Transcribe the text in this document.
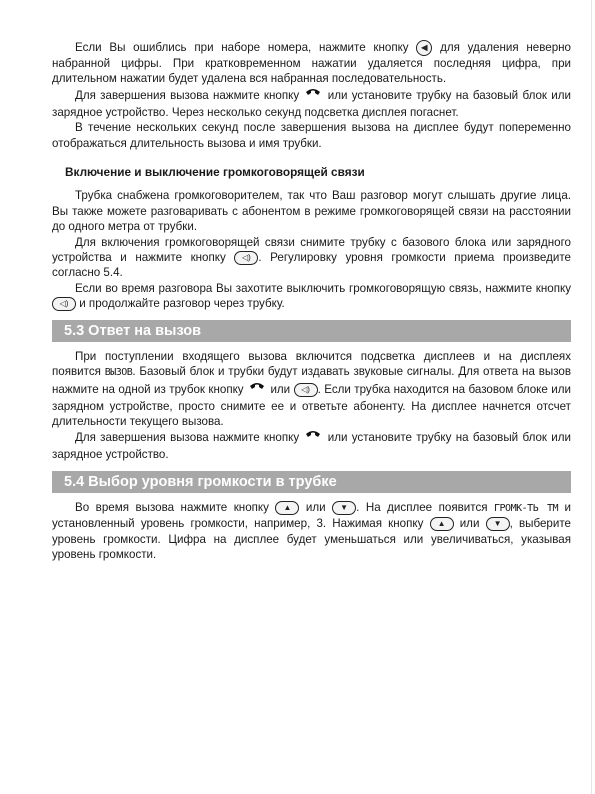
Если Вы ошиблись при наборе номера, нажмите кнопку ◀ для удаления неверно набранной цифры. При кратковременном нажатии удаляется последняя цифра, при длительном нажатии будет удалена вся набранная последовательность.

Для завершения вызова нажмите кнопку или установите трубку на базовый блок или зарядное устройство. Через несколько секунд подсветка дисплея погаснет.

В течение нескольких секунд после завершения вызова на дисплее будут попеременно отображаться длительность вызова и имя трубки.

Включение и выключение громкоговорящей связи

Трубка снабжена громкоговорителем, так что Ваш разговор могут слышать другие лица. Вы также можете разговаривать с абонентом в режиме громкоговорящей связи на расстоянии до одного метра от трубки.

Для включения громкоговорящей связи снимите трубку с базового блока или зарядного устройства и нажмите кнопку ◁) . Регулировку уровня громкости приема произведите согласно 5.4.

Если во время разговора Вы захотите выключить громкоговорящую связь, нажмите кнопку ◁) и продолжайте разговор через трубку.

5.3 Ответ на вызов

При поступлении входящего вызова включится подсветка дисплеев и на дисплеях появится ВЫЗОВ. Базовый блок и трубки будут издавать звуковые сигналы. Для ответа на вызов нажмите на одной из трубок кнопку или ◁) . Если трубка находится на базовом блоке или зарядном устройстве, просто снимите ее и ответьте абоненту. На дисплее начнется отсчет длительности текущего вызова.

Для завершения вызова нажмите кнопку или установите трубку на базовый блок или зарядное устройство.

5.4 Выбор уровня громкости в трубке

Во время вызова нажмите кнопку ▲ или ▼ . На дисплее появится ГРОМК-ТЬ ТМ и установленный уровень громкости, например, 3. Нажимая кнопку ▲ или ▼ , выберите уровень громкости. Цифра на дисплее будет уменьшаться или увеличиваться, указывая уровень громкости.
